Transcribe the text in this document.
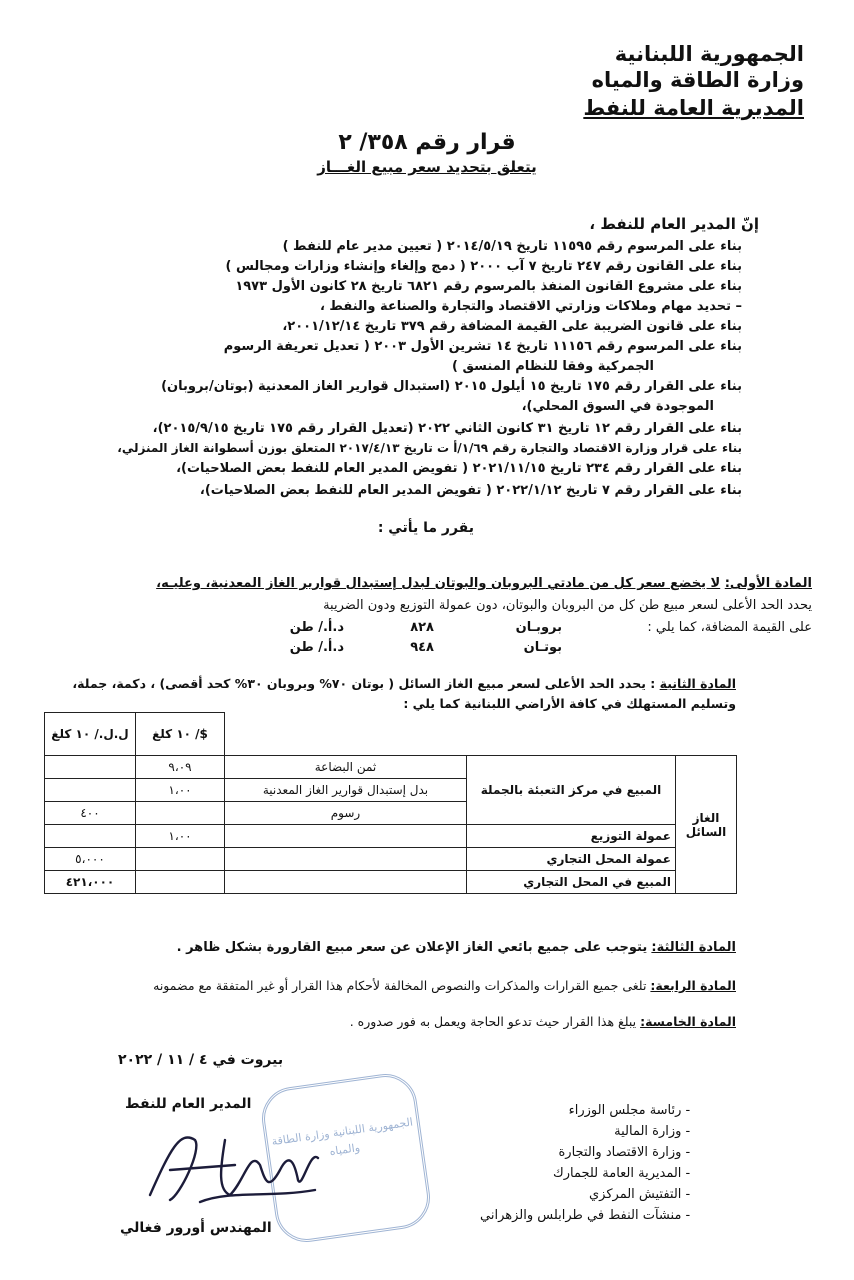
الجمهورية اللبنانية
وزارة الطاقة والمياه
المديرية العامة للنفط
قرار رقم ٣٥٨/ ٢
يتعلق بتحديد سعر مبيع الغـــاز
إنّ المدير العام للنفط ،
بناء على المرسوم رقم ١١٥٩٥ تاريخ ٢٠١٤/٥/١٩ ( تعيين مدير عام للنفط )
بناء على القانون رقم ٢٤٧ تاريخ ٧ آب ٢٠٠٠ ( دمج وإلغاء وإنشاء وزارات ومجالس )
بناء على مشروع القانون المنفذ بالمرسوم رقم ٦٨٢١ تاريخ ٢٨ كانون الأول ١٩٧٣
– تحديد مهام وملاكات وزارتي الاقتصاد والتجارة والصناعة والنفط ،
بناء على قانون الضريبة على القيمة المضافة رقم ٣٧٩ تاريخ ٢٠٠١/١٢/١٤،
بناء على المرسوم رقم ١١١٥٦ تاريخ ١٤ تشرين الأول ٢٠٠٣ ( تعديل تعريفة الرسوم
الجمركية وفقا للنظام المنسق )
بناء على القرار رقم ١٧٥ تاريخ ١٥ أيلول ٢٠١٥ (استبدال قوارير الغاز المعدنية (بوتان/بروبان)
الموجودة في السوق المحلي)،
بناء على القرار رقم ١٢ تاريخ ٣١ كانون الثاني ٢٠٢٢ (تعديل القرار رقم ١٧٥ تاريخ ٢٠١٥/٩/١٥)،
بناء على قرار وزارة الاقتصاد والتجارة رقم ١/٦٩/أ ت تاريخ ٢٠١٧/٤/١٣ المتعلق بوزن أسطوانة الغاز المنزلي،
بناء على القرار رقم ٢٣٤ تاريخ ٢٠٢١/١١/١٥ ( تفويض المدير العام للنفط بعض الصلاحيات)،
بناء على القرار رقم ٧ تاريخ ٢٠٢٢/١/١٢ ( تفويض المدير العام للنفط بعض الصلاحيات)،
يقرر ما يأتي :
المادة الأولى: لا يخضع سعر كل من مادتي البروبان والبوتان لبدل إستبدال قوارير الغاز المعدنية، وعليـه،
يحدد الحد الأعلى لسعر مبيع طن كل من البروبان والبوتان، دون عمولة التوزيع ودون الضريبة
على القيمة المضافة، كما يلي :
بروبـان
٨٢٨
د.أ./ طن
بوتـان
٩٤٨
د.أ./ طن
المادة الثانية : يحدد الحد الأعلى لسعر مبيع الغاز السائل ( بوتان ٧٠% وبروبان ٣٠% كحد أقصى) ، دكمة، جملة،
وتسليم المستهلك في كافة الأراضي اللبنانية كما يلي :
			$/ ١٠ كلغ	ل.ل./ ١٠ كلغ
الغاز السائل	المبيع في مركز التعبئة بالجملة	ثمن البضاعة	٩،٠٩	
		بدل إستبدال قوارير الغاز المعدنية	١،٠٠	
		رسوم		٤٠٠
	عمولة التوزيع		١،٠٠	
	عمولة المحل التجاري			٥،٠٠٠
	المبيع في المحل التجاري			٤٢١،٠٠٠
المادة الثالثة: يتوجب على جميع بائعي الغاز الإعلان عن سعر مبيع القارورة بشكل ظاهر .
المادة الرابعة: تلغى جميع القرارات والمذكرات والنصوص المخالفة لأحكام هذا القرار أو غير المتفقة مع مضمونه
المادة الخامسة: يبلغ هذا القرار حيث تدعو الحاجة ويعمل به فور صدوره .
بيروت في ٤ / ١١ / ٢٠٢٢
المدير العام للنفط
الجمهورية اللبنانية وزارة الطاقة والمياه
المهندس أورور فغالي
- رئاسة مجلس الوزراء
- وزارة المالية
- وزارة الاقتصاد والتجارة
- المديرية العامة للجمارك
- التفتيش المركزي
- منشآت النفط في طرابلس والزهراني
